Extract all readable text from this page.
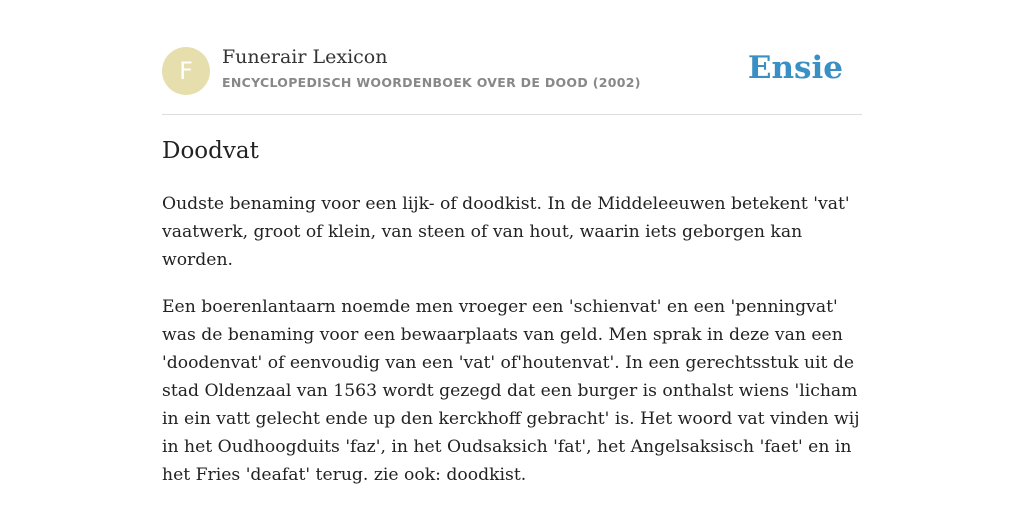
F	Funerair Lexicon
ENCYCLOPEDISCH WOORDENBOEK OVER DE DOOD (2002)	Ensie
Doodvat

Oudste benaming voor een lijk- of doodkist. In de Middeleeuwen betekent 'vat' vaatwerk, groot of klein, van steen of van hout, waarin iets geborgen kan worden.

Een boerenlantaarn noemde men vroeger een 'schienvat' en een 'penningvat' was de benaming voor een bewaarplaats van geld. Men sprak in deze van een 'doodenvat' of eenvoudig van een 'vat' of'houtenvat'. In een gerechtsstuk uit de stad Oldenzaal van 1563 wordt gezegd dat een burger is onthalst wiens 'licham in ein vatt gelecht ende up den kerckhoff gebracht' is. Het woord vat vinden wij in het Oudhoogduits 'faz', in het Oudsaksich 'fat', het Angelsaksisch 'faet' en in het Fries 'deafat' terug. zie ook: doodkist.
